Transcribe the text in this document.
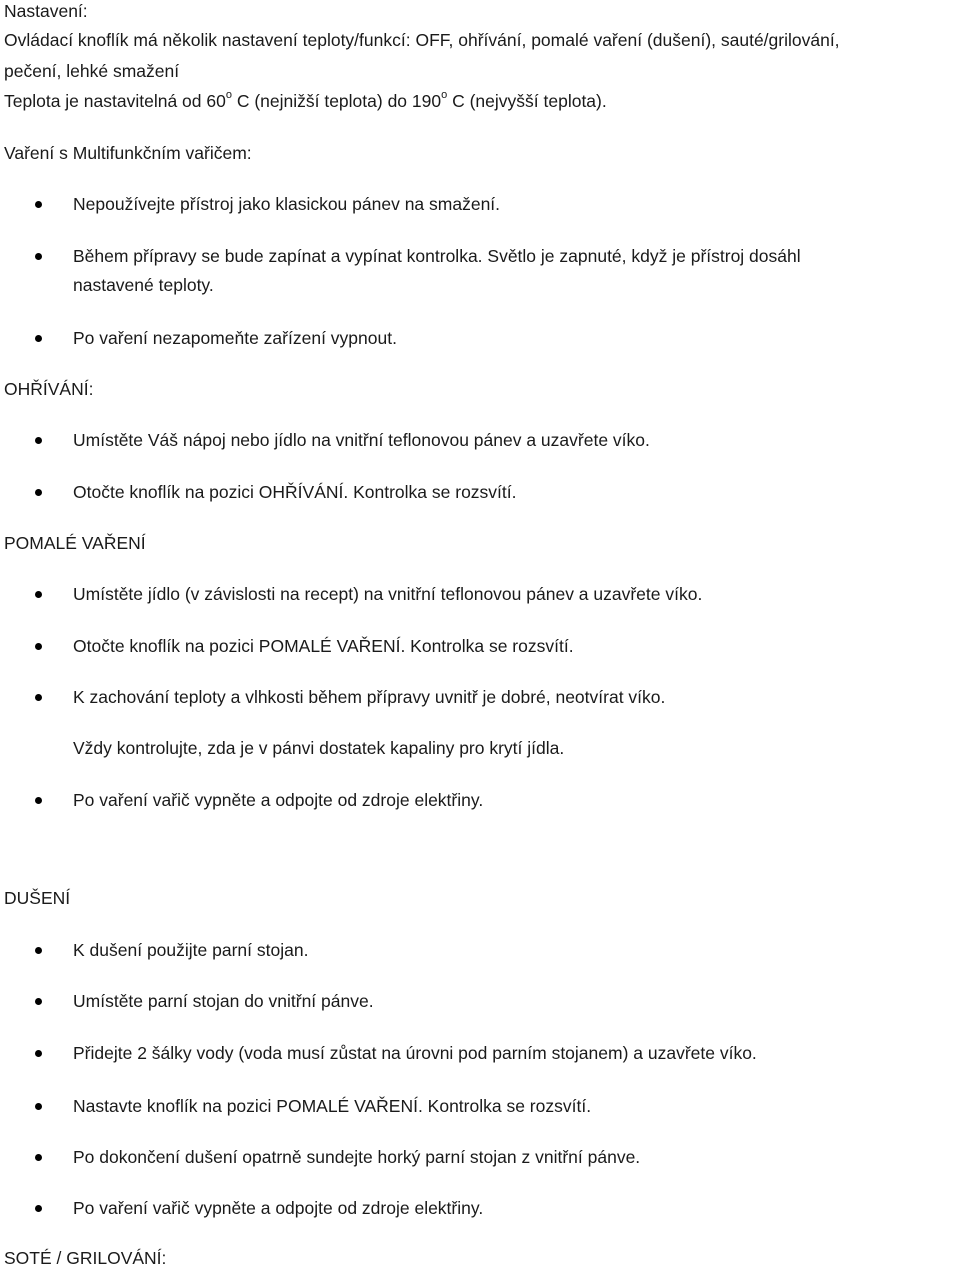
Nastavení:
Ovládací knoflík má několik nastavení teploty/funkcí: OFF, ohřívání, pomalé vaření (dušení), sauté/grilování,
pečení, lehké smažení
Teplota je nastavitelná od 60$^o$ C (nejnižší teplota) do 190$^o$ C (nejvyšší teplota).
Vaření s Multifunkčním vařičem:
Nepoužívejte přístroj jako klasickou pánev na smažení.
Během přípravy se bude zapínat a vypínat kontrolka. Světlo je zapnuté, když je přístroj dosáhl
nastavené teploty.
Po vaření nezapomeňte zařízení vypnout.
OHŘÍVÁNÍ:
Umístěte Váš nápoj nebo jídlo na vnitřní teflonovou pánev a uzavřete víko.
Otočte knoflík na pozici OHŘÍVÁNÍ. Kontrolka se rozsvítí.
POMALÉ VAŘENÍ
Umístěte jídlo (v závislosti na recept) na vnitřní teflonovou pánev a uzavřete víko.
Otočte knoflík na pozici POMALÉ VAŘENÍ. Kontrolka se rozsvítí.
K zachování teploty a vlhkosti během přípravy uvnitř je dobré, neotvírat víko.
Vždy kontrolujte, zda je v pánvi dostatek kapaliny pro krytí jídla.
Po vaření vařič vypněte a odpojte od zdroje elektřiny.
DUŠENÍ
K dušení použijte parní stojan.
Umístěte parní stojan do vnitřní pánve.
Přidejte 2 šálky vody (voda musí zůstat na úrovni pod parním stojanem) a uzavřete víko.
Nastavte knoflík na pozici POMALÉ VAŘENÍ. Kontrolka se rozsvítí.
Po dokončení dušení opatrně sundejte horký parní stojan z vnitřní pánve.
Po vaření vařič vypněte a odpojte od zdroje elektřiny.
SOTÉ / GRILOVÁNÍ:
